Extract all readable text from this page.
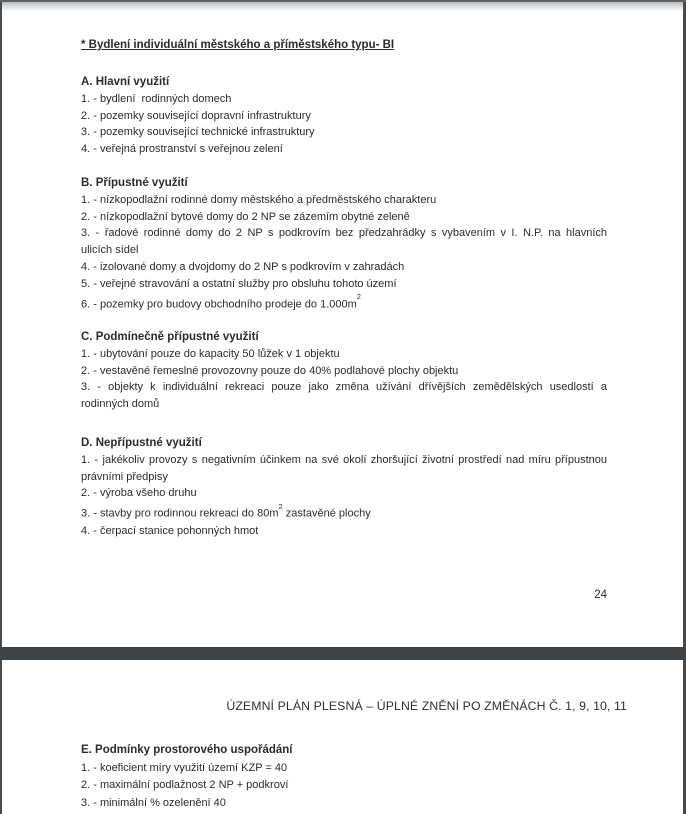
* Bydlení individuální městského a příměstského typu- BI
A. Hlavní využití
1. - bydlení  rodinných domech
2. - pozemky související dopravní infrastruktury
3. - pozemky související technické infrastruktury
4. - veřejná prostranství s veřejnou zelení
B. Přípustné využití
1. - nízkopodlažní rodinné domy městského a předměstského charakteru
2. - nízkopodlažní bytové domy do 2 NP se zázemím obytné zeleně
3. - řadové rodinné domy do 2 NP s podkrovím bez předzahrádky s vybavením v I. N.P. na hlavních
ulicích sídel
4. - izolované domy a dvojdomy do 2 NP s podkrovím v zahradách
5. - veřejné stravování a ostatní služby pro obsluhu tohoto území
6. - pozemky pro budovy obchodního prodeje do $1.000m^2$
C. Podmínečně přípustné využití
1. - ubytování pouze do kapacity 50 lůžek v 1 objektu
2. - vestavěné řemeslné provozovny pouze do 40% podlahové plochy objektu
3. - objekty k individuální rekreaci pouze jako změna užívání dřívějších zemědělských usedlostí a
rodinných domů
D. Nepřípustné využití
1. - jakékoliv provozy s negativním účinkem na své okolí zhoršující životní prostředí nad míru přípustnou
právními předpisy
2. - výroba všeho druhu
3. - stavby pro rodinnou rekreaci do $80m^2$ zastavěné plochy
4. - čerpací stanice pohonných hmot
24
ÚZEMNÍ PLÁN PLESNÁ – ÚPLNÉ ZNĚNÍ PO ZMĚNÁCH Č. 1, 9, 10, 11
E. Podmínky prostorového uspořádání
1. - koeficient míry využití území KZP = 40
2. - maximální podlažnost 2 NP + podkroví
3. - minimální % ozelenění 40
